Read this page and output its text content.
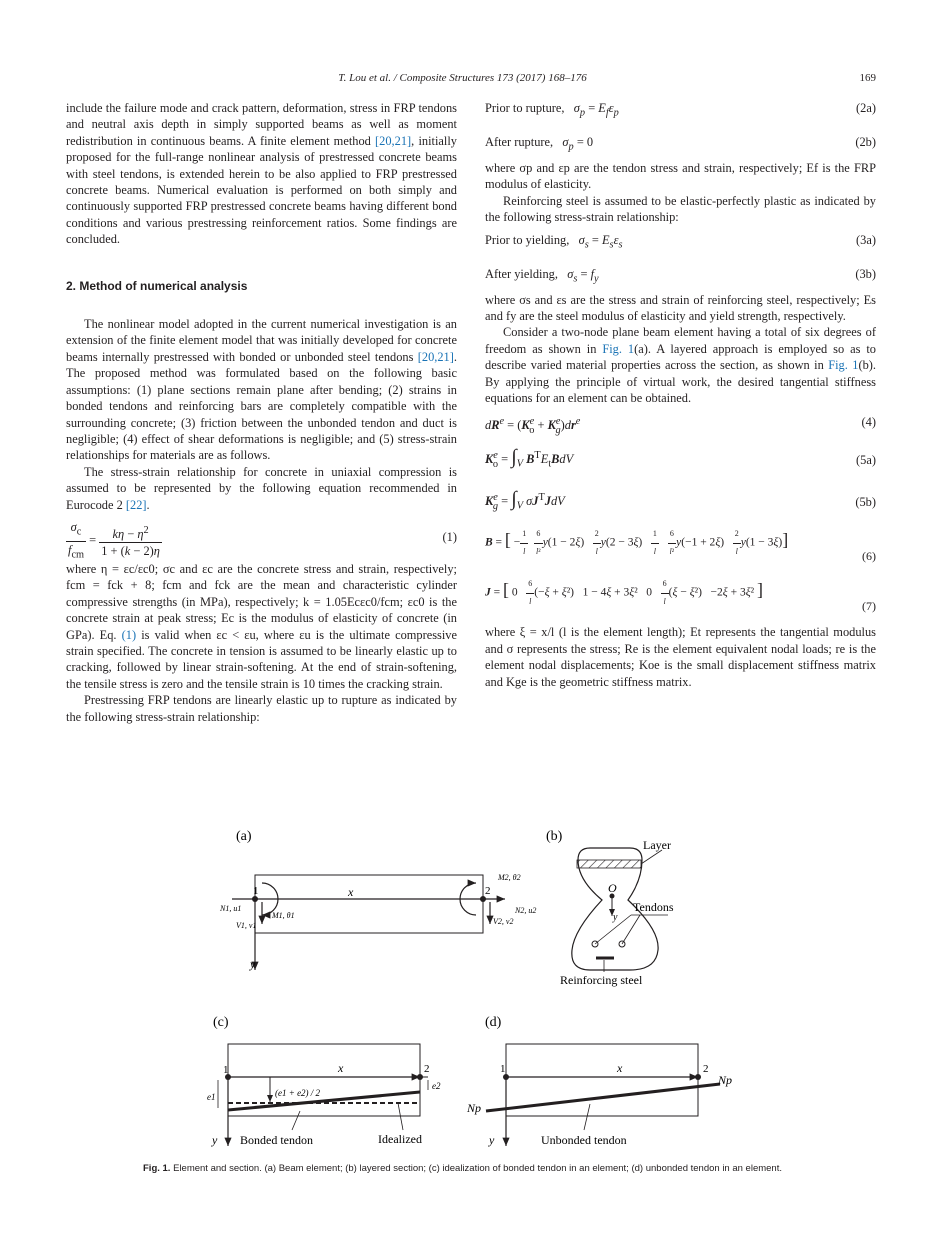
T. Lou et al. / Composite Structures 173 (2017) 168–176	169

include the failure mode and crack pattern, deformation, stress in FRP tendons and neutral axis depth in simply supported beams as well as moment redistribution in continuous beams. A finite element method [20,21], initially proposed for the full-range nonlinear analysis of prestressed concrete beams with steel tendons, is extended herein to be also applied to FRP prestressed concrete beams. Numerical evaluation is performed on both simply and continuously supported FRP prestressed concrete beams having different bond conditions and various prestressing reinforcement ratios. Some findings are concluded.

2. Method of numerical analysis

The nonlinear model adopted in the current numerical investigation is an extension of the finite element model that was initially developed for concrete beams internally prestressed with bonded or unbonded steel tendons [20,21]. The proposed method was formulated based on the following basic assumptions: (1) plane sections remain plane after bending; (2) strains in bonded tendons and reinforcing bars are completely compatible with the surrounding concrete; (3) friction between the unbonded tendon and duct is negligible; (4) effect of shear deformations is negligible; and (5) stress-strain relationships for materials are as follows.

The stress-strain relationship for concrete in uniaxial compression is assumed to be represented by the following equation recommended in Eurocode 2 [22].

$\frac{\sigma_c}{f_{cm}} = \frac{k\eta - \eta^2}{1 + (k - 2)\eta}$	(1)

where η = εc/εc0; σc and εc are the concrete stress and strain, respectively; fcm = fck + 8; fcm and fck are the mean and characteristic cylinder compressive strengths (in MPa), respectively; k = 1.05Ecεc0/fcm; εc0 is the concrete strain at peak stress; Ec is the modulus of elasticity of concrete (in GPa). Eq. (1) is valid when εc < εu, where εu is the ultimate compressive strain specified. The concrete in tension is assumed to be linearly elastic up to cracking, followed by linear strain-softening. At the end of strain-softening, the tensile stress is zero and the tensile strain is 10 times the cracking strain.

Prestressing FRP tendons are linearly elastic up to rupture as indicated by the following stress-strain relationship:

Prior to rupture, $\sigma_p = E_f\varepsilon_p$	(2a)
After rupture, $\sigma_p = 0$	(2b)

where σp and εp are the tendon stress and strain, respectively; Ef is the FRP modulus of elasticity.

Reinforcing steel is assumed to be elastic-perfectly plastic as indicated by the following stress-strain relationship:

Prior to yielding, $\sigma_s = E_s\varepsilon_s$	(3a)
After yielding, $\sigma_s = f_y$	(3b)

where σs and εs are the stress and strain of reinforcing steel, respectively; Es and fy are the steel modulus of elasticity and yield strength, respectively.

Consider a two-node plane beam element having a total of six degrees of freedom as shown in Fig. 1(a). A layered approach is employed so as to describe varied material properties across the section, as shown in Fig. 1(b). By applying the principle of virtual work, the desired tangential stiffness equations for an element can be obtained.

$dR^e = (K^e_o + K^e_g)dr^e$	(4)
$K^e_o = \int_V$ $B^TE_tBdV$	(5a)
$K^e_g = \int_V$ $\sigma J^TJdV$	(5b)
B = [ − $\frac{1}{l}$
$\frac{6}{\text{l²}} y(1 - 2\xi) \frac{2}{l} y(2 - 3\xi) \frac{1}{l}$
$\frac{6}{\text{l²}} y(-1 + 2\xi) \frac{2}{l} y(1 - 3\xi)$]
(6)
J = [ $0 \frac{6}{l} (-\xi + \xi^2) 1 - 4\xi + 3\xi^2$   $0 \frac{6}{l} (\xi - \xi^2) -2\xi + 3\xi^2$ ]
(7)

where ξ = x/l (l is the element length); Et represents the tangential modulus and σ represents the stress; Re is the element equivalent nodal loads; re is the element nodal displacements; Koe is the small displacement stiffness matrix and Kge is the geometric stiffness matrix.

(a)
1	2
x
y
N1, u1
M1, θ1
V1, v1
N2, u2
M2, θ2
V2, v2
(b)
Layer
O
y
Tendons
Reinforcing steel
(c)
1	2
x
(e1 + e2) / 2
e1
e2
y Bonded tendon	Idealized
(d)
1	2
x
Np
Np
y	Unbonded tendon
Fig. 1. Element and section. (a) Beam element; (b) layered section; (c) idealization of bonded tendon in an element; (d) unbonded tendon in an element.
